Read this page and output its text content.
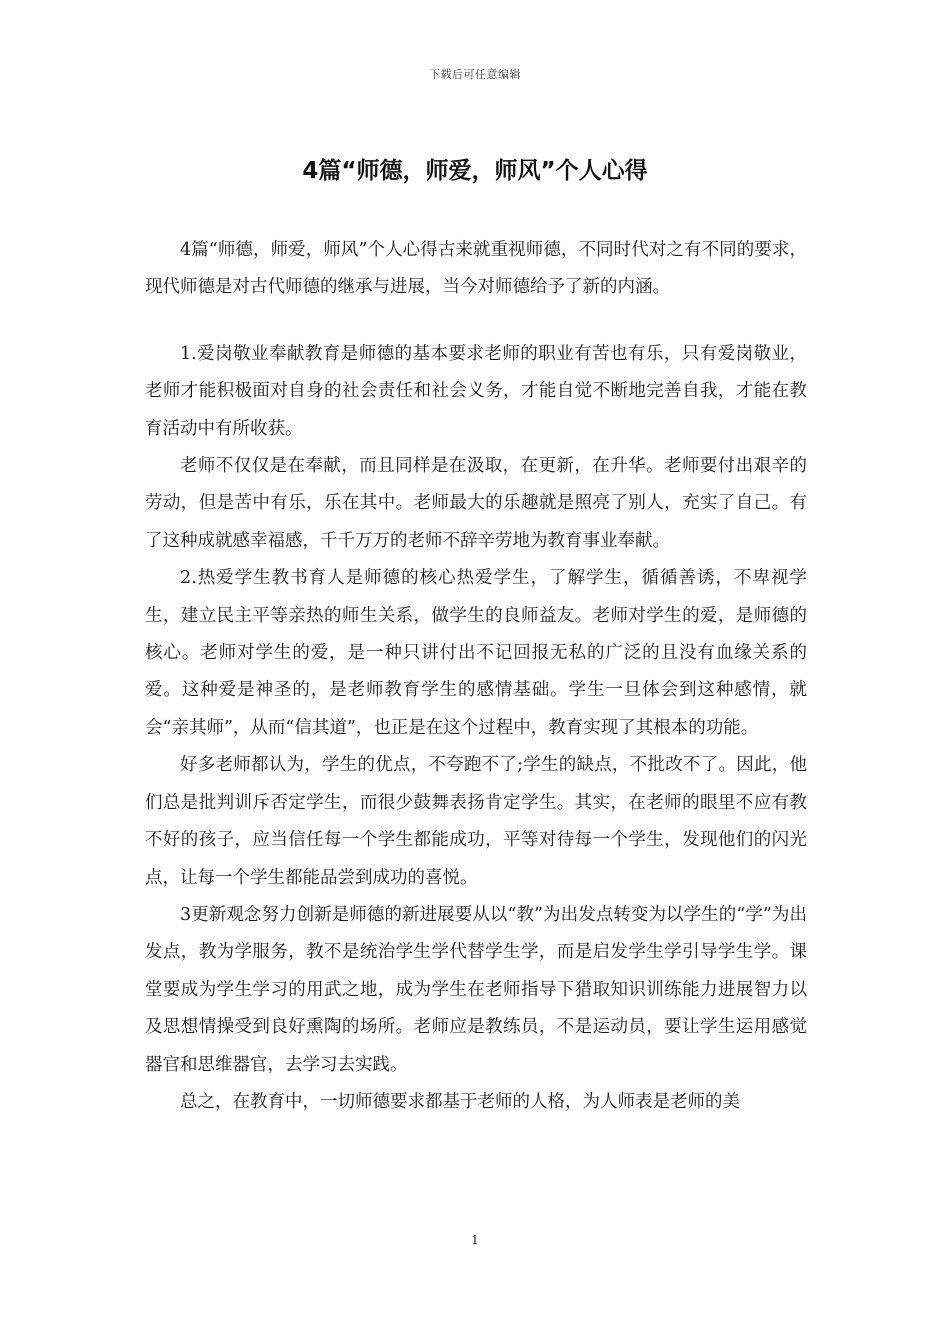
下载后可任意编辑
4篇“师德，师爱，师风”个人心得

4篇“师德，师爱，师风”个人心得古来就重视师德，不同时代对之有不同的要求，现代师德是对古代师德的继承与进展，当今对师德给予了新的内涵。

1.爱岗敬业奉献教育是师德的基本要求老师的职业有苦也有乐，只有爱岗敬业，老师才能积极面对自身的社会责任和社会义务，才能自觉不断地完善自我，才能在教育活动中有所收获。

老师不仅仅是在奉献，而且同样是在汲取，在更新，在升华。老师要付出艰辛的劳动，但是苦中有乐，乐在其中。老师最大的乐趣就是照亮了别人，充实了自己。有了这种成就感幸福感，千千万万的老师不辞辛劳地为教育事业奉献。

2.热爱学生教书育人是师德的核心热爱学生，了解学生，循循善诱，不卑视学生，建立民主平等亲热的师生关系，做学生的良师益友。老师对学生的爱，是师德的核心。老师对学生的爱，是一种只讲付出不记回报无私的广泛的且没有血缘关系的爱。这种爱是神圣的，是老师教育学生的感情基础。学生一旦体会到这种感情，就会“亲其师”，从而“信其道”，也正是在这个过程中，教育实现了其根本的功能。

好多老师都认为，学生的优点，不夸跑不了;学生的缺点，不批改不了。因此，他们总是批判训斥否定学生，而很少鼓舞表扬肯定学生。其实，在老师的眼里不应有教不好的孩子，应当信任每一个学生都能成功，平等对待每一个学生，发现他们的闪光点，让每一个学生都能品尝到成功的喜悦。

3更新观念努力创新是师德的新进展要从以“教”为出发点转变为以学生的“学”为出发点，教为学服务，教不是统治学生学代替学生学，而是启发学生学引导学生学。课堂要成为学生学习的用武之地，成为学生在老师指导下猎取知识训练能力进展智力以及思想情操受到良好熏陶的场所。老师应是教练员，不是运动员，要让学生运用感觉器官和思维器官，去学习去实践。

总之，在教育中，一切师德要求都基于老师的人格，为人师表是老师的美

1
